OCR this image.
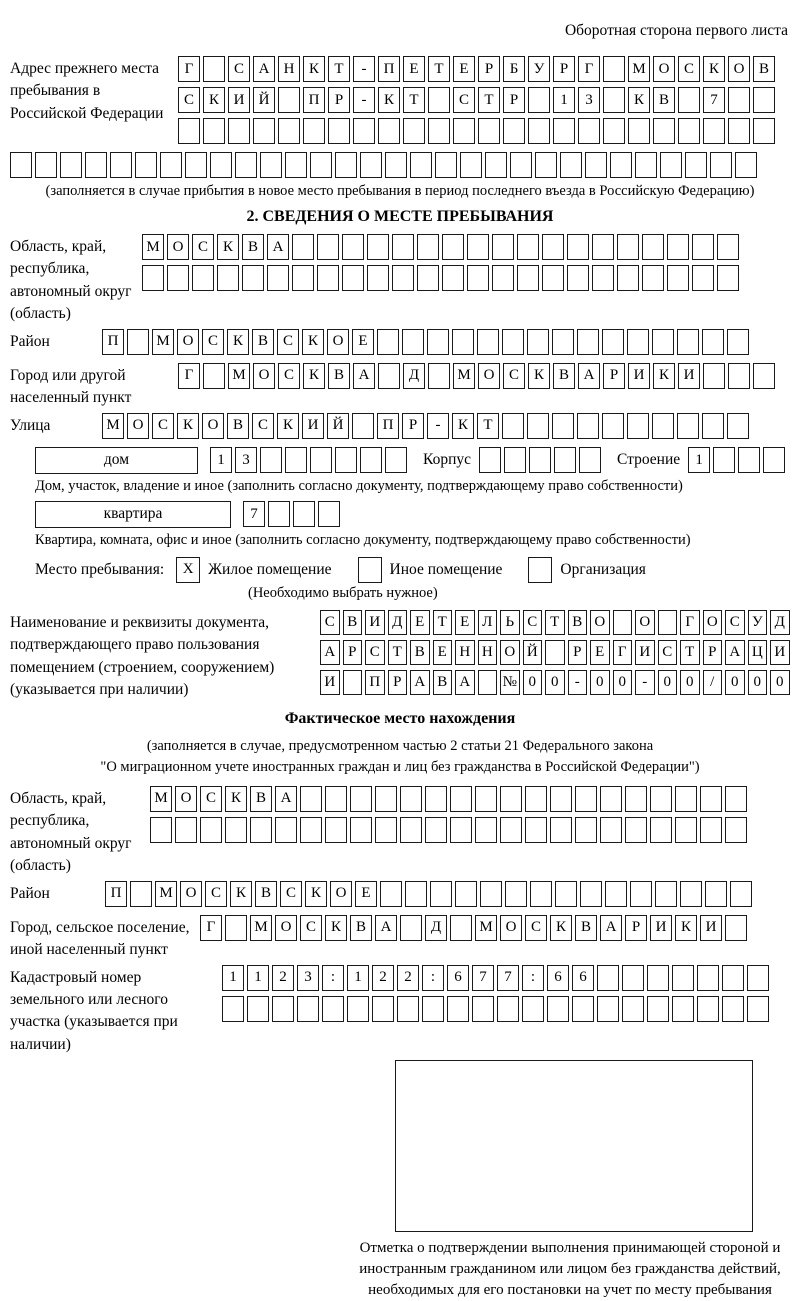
Оборотная сторона первого листа
Адрес прежнего места пребывания в Российской Федерации
Г	С А Н К	Т	-	П Е	Т	Е	Р	Б	У	Р	Г	М О С К О В
С К И Й	П	Р	-	К	Т	С	Т	Р	1	3	К В	7
(заполняется в случае прибытия в новое место пребывания в период последнего въезда в Российскую Федерацию)
2. СВЕДЕНИЯ О МЕСТЕ ПРЕБЫВАНИЯ
Область, край, республика, автономный округ (область)
М О С К В А
Район	П	М О С К В С К О Е
Город или другой населенный пункт
Г	М О С К В А	Д	М О С К В А	Р	И К И
Улица	М О С К О В С К И Й	П	Р	-	К	Т
дом	1	3	Корпус	Строение	1
Дом, участок, владение и иное (заполнить согласно документу, подтверждающему право собственности)
квартира	7
Квартира, комната, офис и иное (заполнить согласно документу, подтверждающему право собственности)
Место пребывания:	X Жилое помещение	Иное помещение	Организация
(Необходимо выбрать нужное)
Наименование и реквизиты документа, подтверждающего право пользования помещением (строением, сооружением) (указывается при наличии)
С В И Д Е Т Е Л Ь С Т В О О	Г О С У Д
А Р С Т В Е Н Н О Й	Р Е Г И С Т Р А Ц И
И П Р А В А № 0	0	-	0	0	-	0	0	/	0	0	0
Фактическое место нахождения
(заполняется в случае, предусмотренном частью 2 статьи 21 Федерального закона
"О миграционном учете иностранных граждан и лиц без гражданства в Российской Федерации")
Область, край, республика, автономный округ (область)
М О С К В А
Район	П	М О С К В С К О Е
Город, сельское поселение, иной населенный пункт
Г	М О С К В А	Д	М О С К В А	Р	И К И
Кадастровый номер земельного или лесного участка (указывается при наличии)
1	1	2	3	:	1	2	2	:	6	7	7	:	6	6
Отметка о подтверждении выполнения принимающей стороной и иностранным гражданином или лицом без гражданства действий, необходимых для его постановки на учет по месту пребывания
